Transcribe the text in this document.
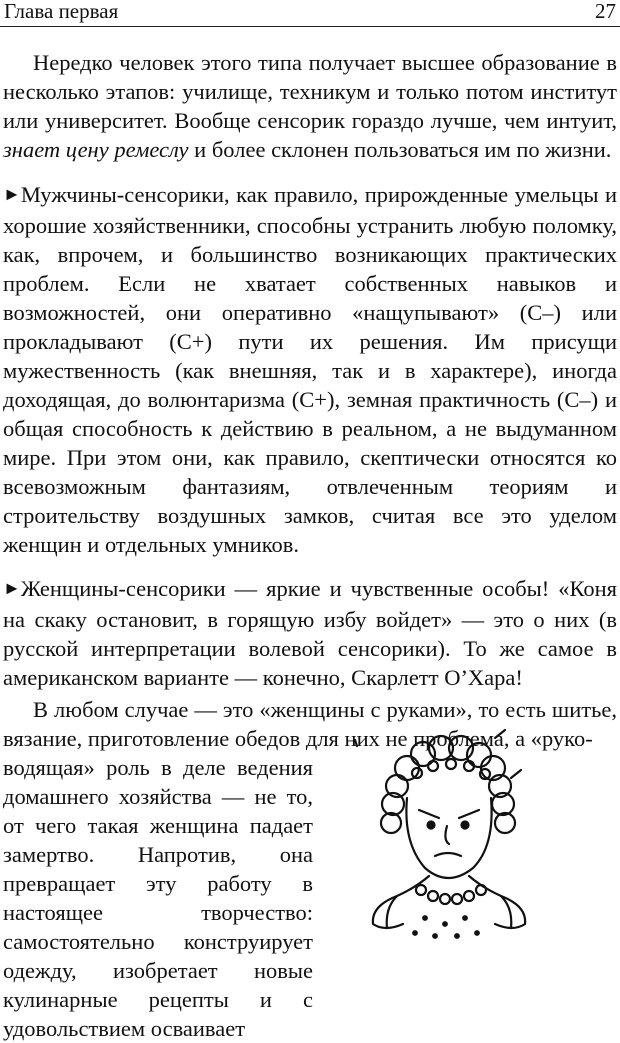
Глава первая	27

Нередко человек этого типа получает высшее образование в несколько этапов: училище, техникум и только потом институт или университет. Вообще сенсорик гораздо лучше, чем интуит, знает цену ремеслу и более склонен пользоваться им по жизни.

►Мужчины-сенсорики, как правило, прирожденные умельцы и хорошие хозяйственники, способны устранить любую поломку, как, впрочем, и большинство возникающих практических проблем. Если не хватает собственных навыков и возможностей, они оперативно «нащупывают» (С–) или прокладывают (С+) пути их решения. Им присущи мужественность (как внешняя, так и в характере), иногда доходящая, до волюнтаризма (С+), земная практичность (С–) и общая способность к действию в реальном, а не выдуманном мире. При этом они, как правило, скептически относятся ко всевозможным фантазиям, отвлеченным теориям и строительству воздушных замков, считая все это уделом женщин и отдельных умников.

►Женщины-сенсорики — яркие и чувственные особы! «Коня на скаку остановит, в горящую избу войдет» — это о них (в русской интерпретации волевой сенсорики). То же самое в американском варианте — конечно, Скарлетт О’Хара!

В любом случае — это «женщины с руками», то есть шитье, вязание, приготовление обедов для них не проблема, а «руко-

водящая» роль в деле ведения домашнего хозяйства — не то, от чего такая женщина падает замертво. Напротив, она превращает эту работу в настоящее творчество: самостоятельно конструирует одежду, изобретает новые кулинарные рецепты и с удовольствием осваивает
